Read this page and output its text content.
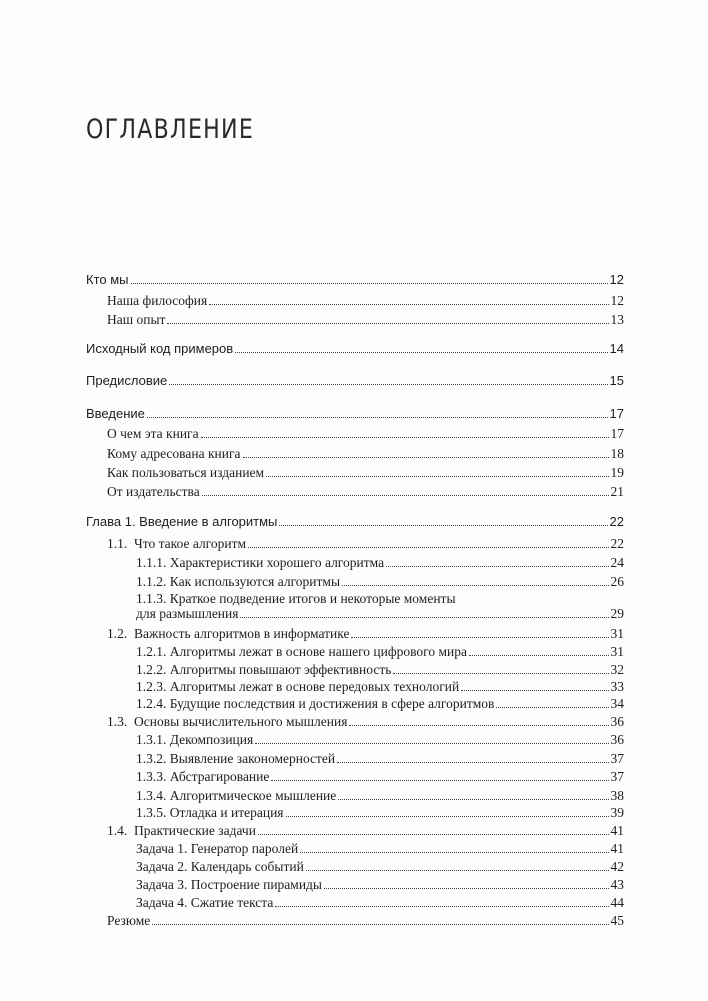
ОГЛАВЛЕНИЕ
Кто мы	12
Наша философия	12
Наш опыт	13
Исходный код примеров	14
Предисловие	15
Введение	17
О чем эта книга	17
Кому адресована книга	18
Как пользоваться изданием	19
От издательства	21
Глава 1. Введение в алгоритмы	22
1.1.  Что такое алгоритм	22
1.1.1. Характеристики хорошего алгоритма	24
1.1.2. Как используются алгоритмы	26
1.1.3. Краткое подведение итогов и некоторые моменты
для размышления	29
1.2.  Важность алгоритмов в информатике	31
1.2.1. Алгоритмы лежат в основе нашего цифрового мира	31
1.2.2. Алгоритмы повышают эффективность	32
1.2.3. Алгоритмы лежат в основе передовых технологий	33
1.2.4. Будущие последствия и достижения в сфере алгоритмов	34
1.3.  Основы вычислительного мышления	36
1.3.1. Декомпозиция	36
1.3.2. Выявление закономерностей	37
1.3.3. Абстрагирование	37
1.3.4. Алгоритмическое мышление	38
1.3.5. Отладка и итерация	39
1.4.  Практические задачи	41
Задача 1. Генератор паролей	41
Задача 2. Календарь событий	42
Задача 3. Построение пирамиды	43
Задача 4. Сжатие текста	44
Резюме	45
